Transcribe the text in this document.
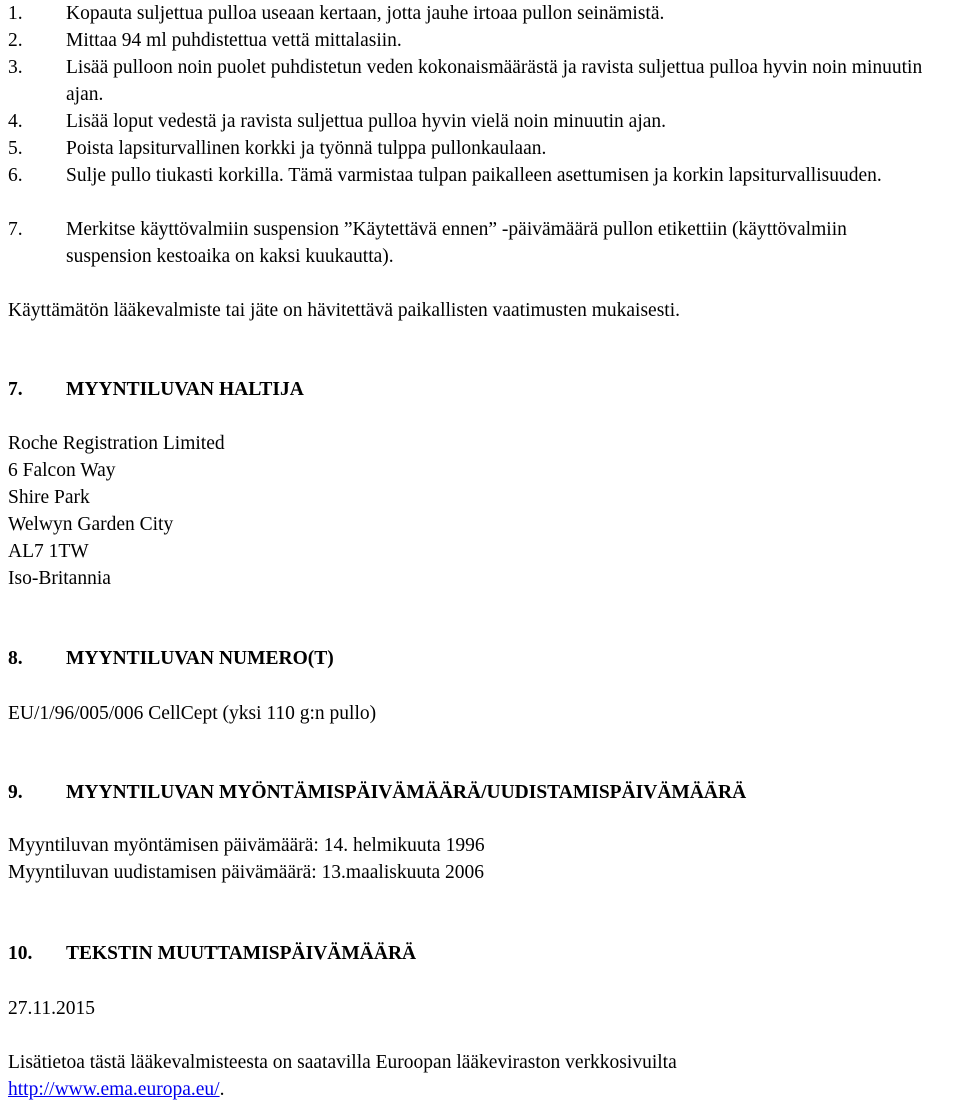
1. Kopauta suljettua pulloa useaan kertaan, jotta jauhe irtoaa pullon seinämistä.
2. Mittaa 94 ml puhdistettua vettä mittalasiin.
3. Lisää pulloon noin puolet puhdistetun veden kokonaismäärästä ja ravista suljettua pulloa hyvin noin minuutin ajan.
4. Lisää loput vedestä ja ravista suljettua pulloa hyvin vielä noin minuutin ajan.
5. Poista lapsiturvallinen korkki ja työnnä tulppa pullonkaulaan.
6. Sulje pullo tiukasti korkilla. Tämä varmistaa tulpan paikalleen asettumisen ja korkin lapsiturvallisuuden.
7. Merkitse käyttövalmiin suspension ”Käytettävä ennen” -päivämäärä pullon etikettiin (käyttövalmiin suspension kestoaika on kaksi kuukautta).

Käyttämätön lääkevalmiste tai jäte on hävitettävä paikallisten vaatimusten mukaisesti.

7. MYYNTILUVAN HALTIJA
Roche Registration Limited
6 Falcon Way
Shire Park
Welwyn Garden City
AL7 1TW
Iso-Britannia
8. MYYNTILUVAN NUMERO(T)

EU/1/96/005/006 CellCept (yksi 110 g:n pullo)

9. MYYNTILUVAN MYÖNTÄMISPÄIVÄMÄÄRÄ/UUDISTAMISPÄIVÄMÄÄRÄ
Myyntiluvan myöntämisen päivämäärä: 14. helmikuuta 1996
Myyntiluvan uudistamisen päivämäärä: 13.maaliskuuta 2006
10. TEKSTIN MUUTTAMISPÄIVÄMÄÄRÄ

27.11.2015

Lisätietoa tästä lääkevalmisteesta on saatavilla Euroopan lääkeviraston verkkosivuilta
http://www.ema.europa.eu/.
